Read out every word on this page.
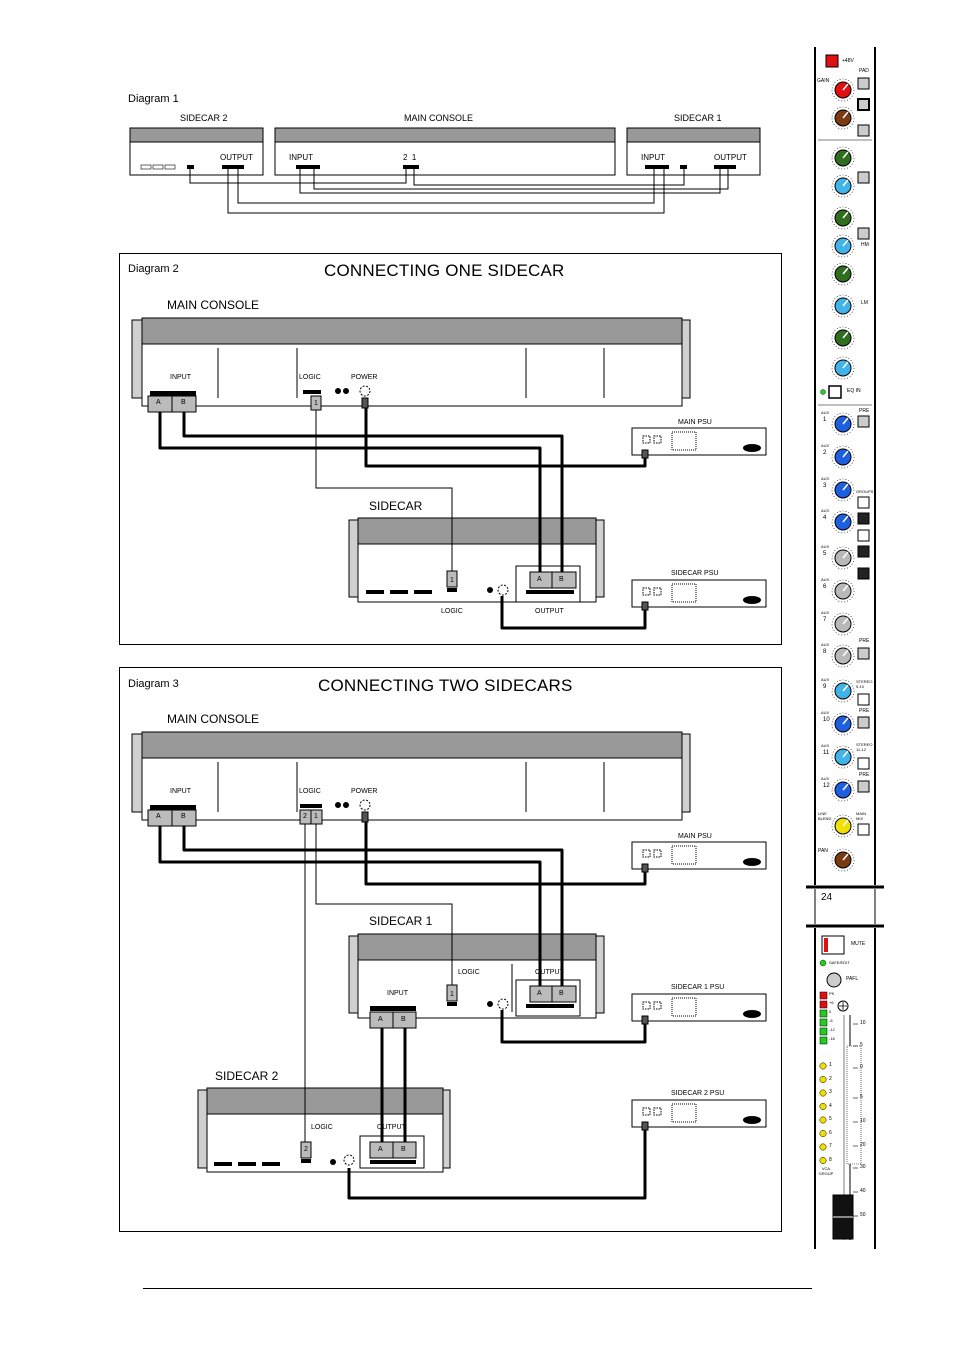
Diagram 1
SIDECAR 2
OUTPUT
MAIN CONSOLE
INPUT	2  1
SIDECAR 1
INPUT	OUTPUT
Diagram 2	CONNECTING ONE SIDECAR
MAIN CONSOLE
INPUT	LOGIC	POWER
A	B	1
MAIN PSU
SIDECAR
1	A B
LOGIC	OUTPUT
SIDECAR PSU
Diagram 3	CONNECTING TWO SIDECARS
MAIN CONSOLE
INPUT	LOGIC	POWER
A	B	2 1
MAIN PSU
SIDECAR 1
LOGIC	OUTPUT
INPUT	1	A B
A	B
SIDECAR 1 PSU
SIDECAR 2
LOGIC	OUTPUT
2	A	B
SIDECAR 2 PSU
+48V
PAD
GAIN
EQ IN
HM
LM
PRE
GROUPS
PRE
STEREO 9-10
PRE
STEREO 11-12
PRE
LINE BLEND
MAIN MIX
PAN
24
MUTE
SAFE/EDIT
PAFL
VCA GROUP
AUX
1
AUX
2
AUX
3
AUX
4
AUX
5
AUX
6
AUX
7
AUX
8
AUX
9
AUX
10
AUX
11
AUX
12
PK
+6
0
-6
-12
-18
1
2
3
4
5
6
7
8
10
5
0
5
10
20
30
40
50
